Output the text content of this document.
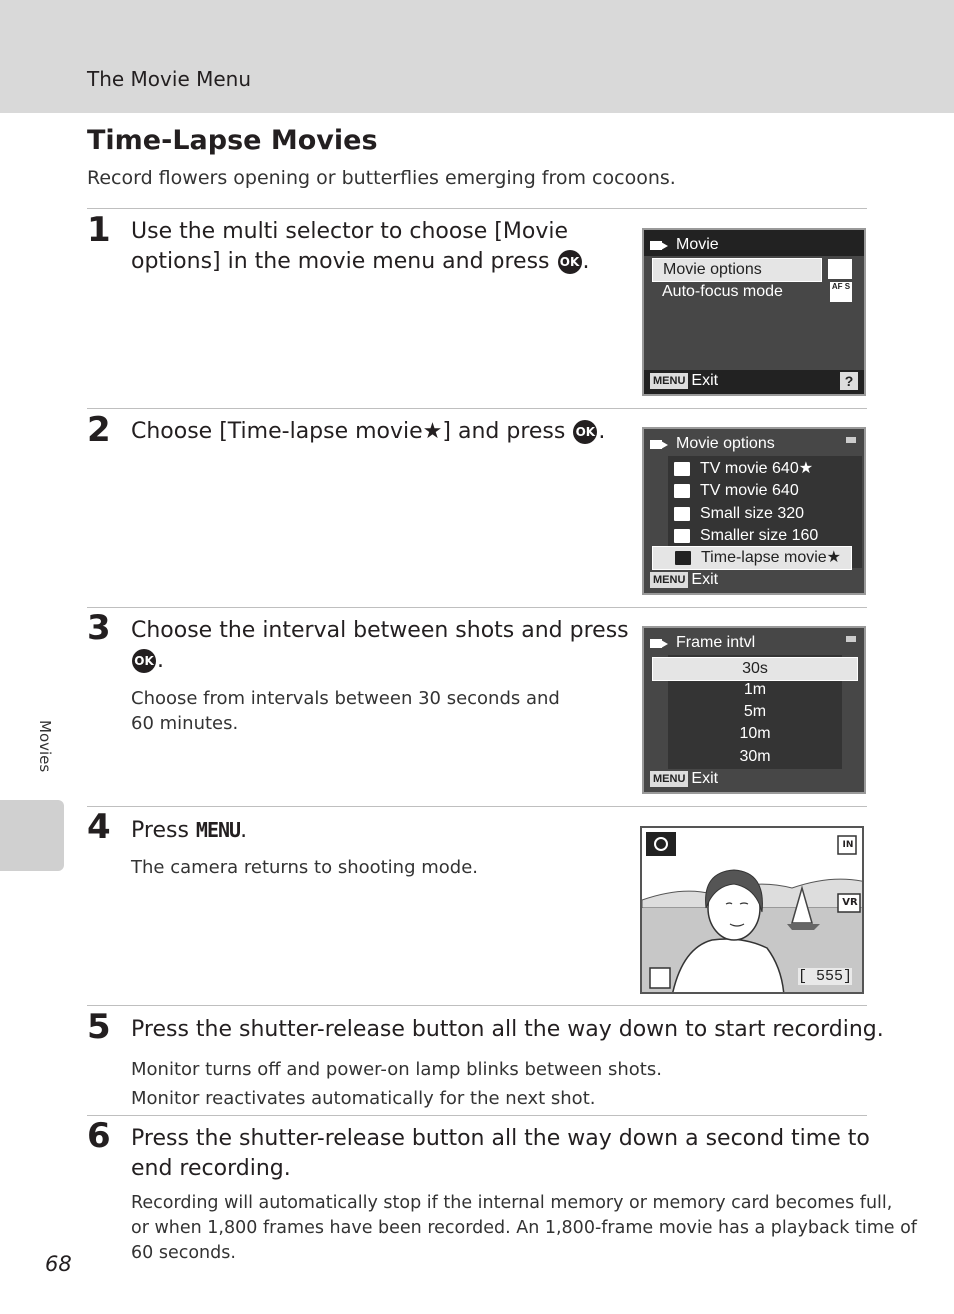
The Movie Menu
Time-Lapse Movies
Record flowers opening or butterflies emerging from cocoons.
1 Use the multi selector to choose [Movie
options] in the movie menu and press OK .
Movie
Movie options
Auto-focus mode	AF S
MENU Exit	?
2 Choose [Time-lapse movie★] and press OK .	Movie options
TV movie 640★
TV movie 640
Small size 320
Smaller size 160
Time-lapse movie★
MENU Exit
3 Choose the interval between shots and press
OK .
Choose from intervals between 30 seconds and
60 minutes.
Frame intvl
30s
1m
5m
10m
30m
MENU Exit
4 Press MENU.
The camera returns to shooting mode.
IN
VR
[ 555]
5 Press the shutter-release button all the way down to start recording.
Monitor turns off and power-on lamp blinks between shots.
Monitor reactivates automatically for the next shot.
6 Press the shutter-release button all the way down a second time to
end recording.
Recording will automatically stop if the internal memory or memory card becomes full,
or when 1,800 frames have been recorded. An 1,800-frame movie has a playback time of
60 seconds.
Movies
68
